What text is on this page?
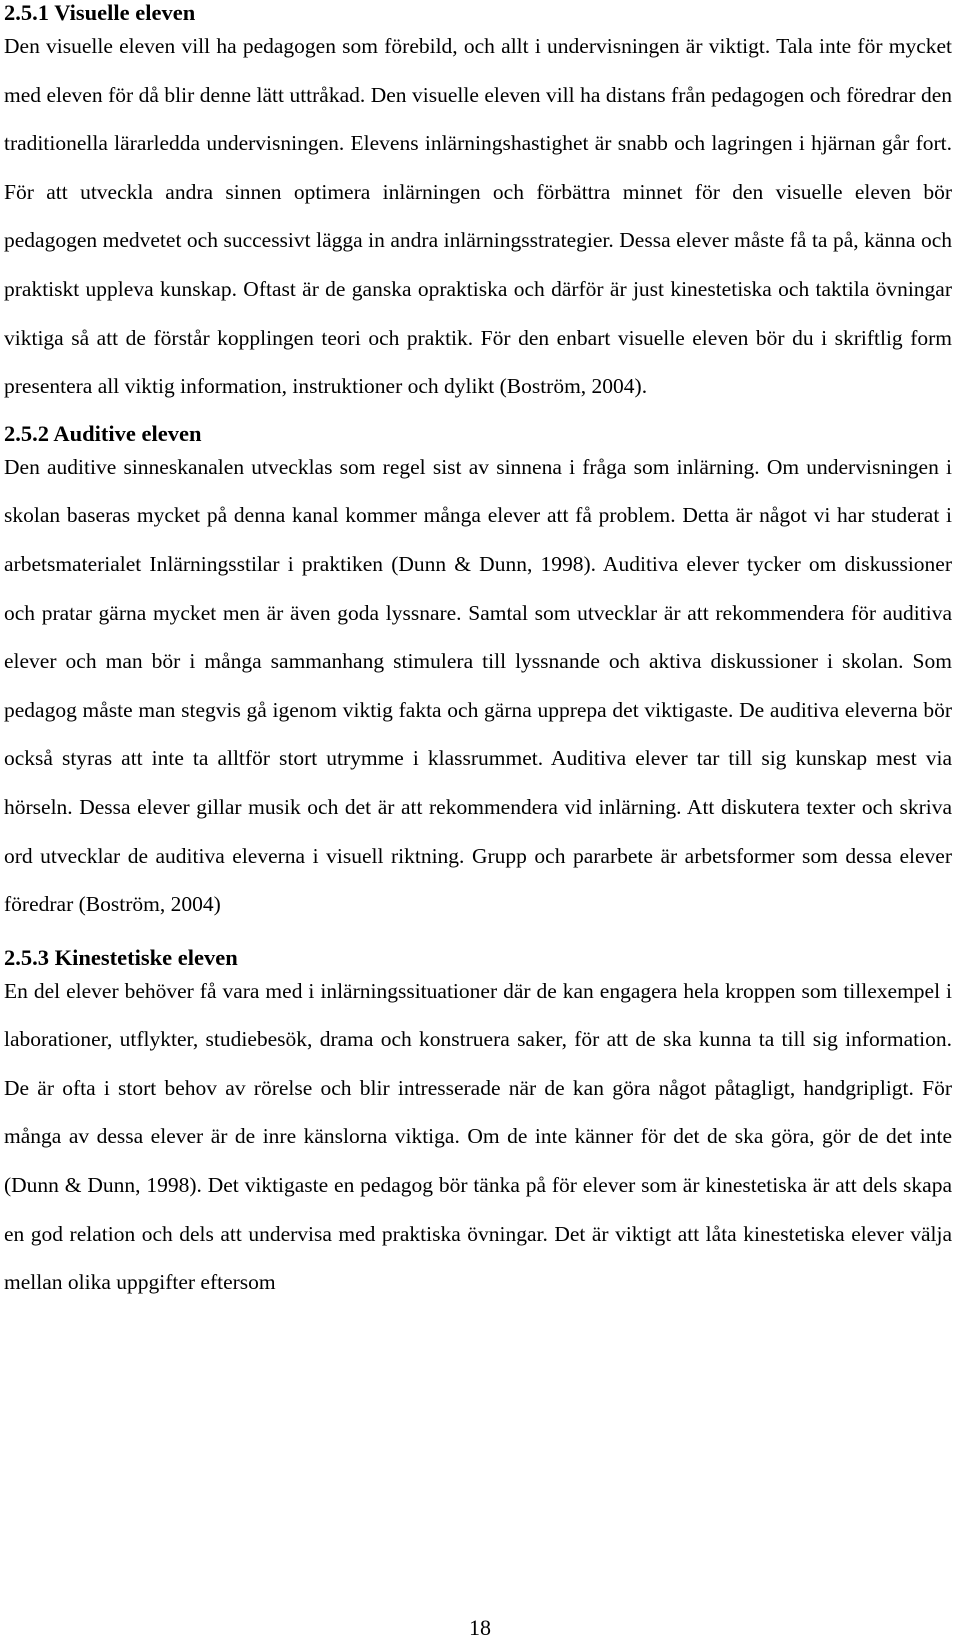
2.5.1 Visuelle eleven

Den visuelle eleven vill ha pedagogen som förebild, och allt i undervisningen är viktigt. Tala inte för mycket med eleven för då blir denne lätt uttråkad. Den visuelle eleven vill ha distans från pedagogen och föredrar den traditionella lärarledda undervisningen. Elevens inlärningshastighet är snabb och lagringen i hjärnan går fort. För att utveckla andra sinnen optimera inlärningen och förbättra minnet för den visuelle eleven bör pedagogen medvetet och successivt lägga in andra inlärningsstrategier. Dessa elever måste få ta på, känna och praktiskt uppleva kunskap. Oftast är de ganska opraktiska och därför är just kinestetiska och taktila övningar viktiga så att de förstår kopplingen teori och praktik. För den enbart visuelle eleven bör du i skriftlig form presentera all viktig information, instruktioner och dylikt (Boström, 2004).

2.5.2 Auditive eleven

Den auditive sinneskanalen utvecklas som regel sist av sinnena i fråga som inlärning. Om undervisningen i skolan baseras mycket på denna kanal kommer många elever att få problem. Detta är något vi har studerat i arbetsmaterialet Inlärningsstilar i praktiken (Dunn & Dunn, 1998). Auditiva elever tycker om diskussioner och pratar gärna mycket men är även goda lyssnare. Samtal som utvecklar är att rekommendera för auditiva elever och man bör i många sammanhang stimulera till lyssnande och aktiva diskussioner i skolan. Som pedagog måste man stegvis gå igenom viktig fakta och gärna upprepa det viktigaste. De auditiva eleverna bör också styras att inte ta alltför stort utrymme i klassrummet. Auditiva elever tar till sig kunskap mest via hörseln. Dessa elever gillar musik och det är att rekommendera vid inlärning. Att diskutera texter och skriva ord utvecklar de auditiva eleverna i visuell riktning. Grupp och pararbete är arbetsformer som dessa elever föredrar (Boström, 2004)

2.5.3 Kinestetiske eleven

En del elever behöver få vara med i inlärningssituationer där de kan engagera hela kroppen som tillexempel i laborationer, utflykter, studiebesök, drama och konstruera saker, för att de ska kunna ta till sig information. De är ofta i stort behov av rörelse och blir intresserade när de kan göra något påtagligt, handgripligt. För många av dessa elever är de inre känslorna viktiga. Om de inte känner för det de ska göra, gör de det inte (Dunn & Dunn, 1998). Det viktigaste en pedagog bör tänka på för elever som är kinestetiska är att dels skapa en god relation och dels att undervisa med praktiska övningar. Det är viktigt att låta kinestetiska elever välja mellan olika uppgifter eftersom

18
